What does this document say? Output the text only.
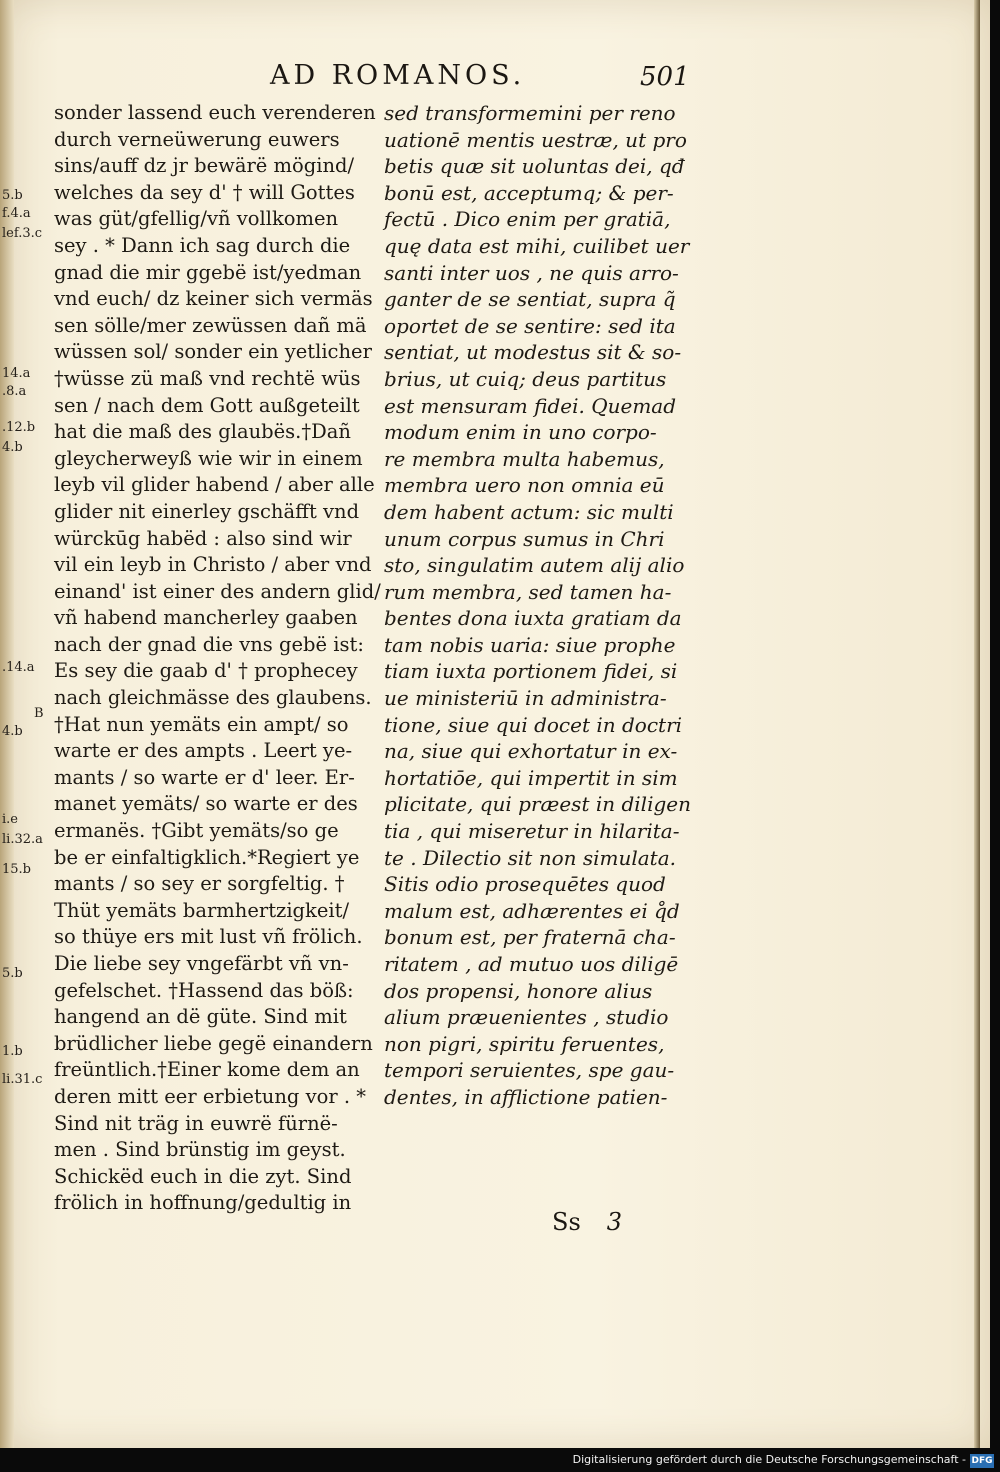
AD ROMANOS.	501
5.b
f.4.a
lef.3.c
14.a
.8.a
.12.b
4.b
.14.a
B
4.b
i.e
li.32.a
15.b
5.b
1.b
li.31.c
sonder lassend euch verenderen
durch verneüwerung euwers
sins/auff dz jr bewärë mögind/
welches da sey d' † will Gottes
was güt/gfellig/vñ vollkomen
sey . * Dann ich sag durch die
gnad die mir ggebë ist/yedman
vnd euch/ dz keiner sich vermäs
sen sölle/mer zewüssen dañ mä
wüssen sol/ sonder ein yetlicher
†wüsse zü maß vnd rechtë wüs
sen / nach dem Gott außgeteilt
hat die maß des glaubës.†Dañ
gleycherweyß wie wir in einem
leyb vil glider habend / aber alle
glider nit einerley gschäfft vnd
würckūg habëd : also sind wir
vil ein leyb in Christo / aber vnd
einand' ist einer des andern glid/
vñ habend mancherley gaaben
nach der gnad die vns gebë ist:
Es sey die gaab d' † prophecey
nach gleichmässe des glaubens.
†Hat nun yemäts ein ampt/ so
warte er des ampts . Leert ye-
mants / so warte er d' leer. Er-
manet yemäts/ so warte er des
ermanës. †Gibt yemäts/so ge
be er einfaltigklich.*Regiert ye
mants / so sey er sorgfeltig. †
Thüt yemäts barmhertzigkeit/
so thüye ers mit lust vñ frölich.
Die liebe sey vngefärbt vñ vn-
gefelschet. †Hassend das böß:
hangend an dë güte. Sind mit
brüdlicher liebe gegë einandern
freüntlich.†Einer kome dem an
deren mitt eer erbietung vor . *
Sind nit träg in euwrë fürnë-
men . Sind brünstig im geyst.
Schickëd euch in die zyt. Sind
frölich in hoffnung/gedultig in
sed transformemini per reno
uationē mentis uestræ, ut pro
betis quæ sit uoluntas dei, qđ
bonū est, acceptumq; & per-
fectū . Dico enim per gratiā,
quę data est mihi, cuilibet uer
santi inter uos , ne quis arro-
ganter de se sentiat, supra q̃
oportet de se sentire: sed ita
sentiat, ut modestus sit & so-
brius, ut cuiq; deus partitus
est mensuram fidei. Quemad
modum enim in uno corpo-
re membra multa habemus,
membra uero non omnia eū
dem habent actum: sic multi
unum corpus sumus in Chri
sto, singulatim autem alij alio
rum membra, sed tamen ha-
bentes dona iuxta gratiam da
tam nobis uaria: siue prophe
tiam iuxta portionem fidei, si
ue ministeriū in administra-
tione, siue qui docet in doctri
na, siue qui exhortatur in ex-
hortatiōe, qui impertit in sim
plicitate, qui præest in diligen
tia , qui miseretur in hilarita-
te . Dilectio sit non simulata.
Sitis odio prosequētes quod
malum est, adhærentes ei q̊d
bonum est, per fraternā cha-
ritatem , ad mutuo uos diligē
dos propensi, honore alius
alium præuenientes , studio
non pigri, spiritu feruentes,
tempori seruientes, spe gau-
dentes, in afflictione patien-
Ss 3
Digitalisierung gefördert durch die Deutsche Forschungsgemeinschaft - DFG
